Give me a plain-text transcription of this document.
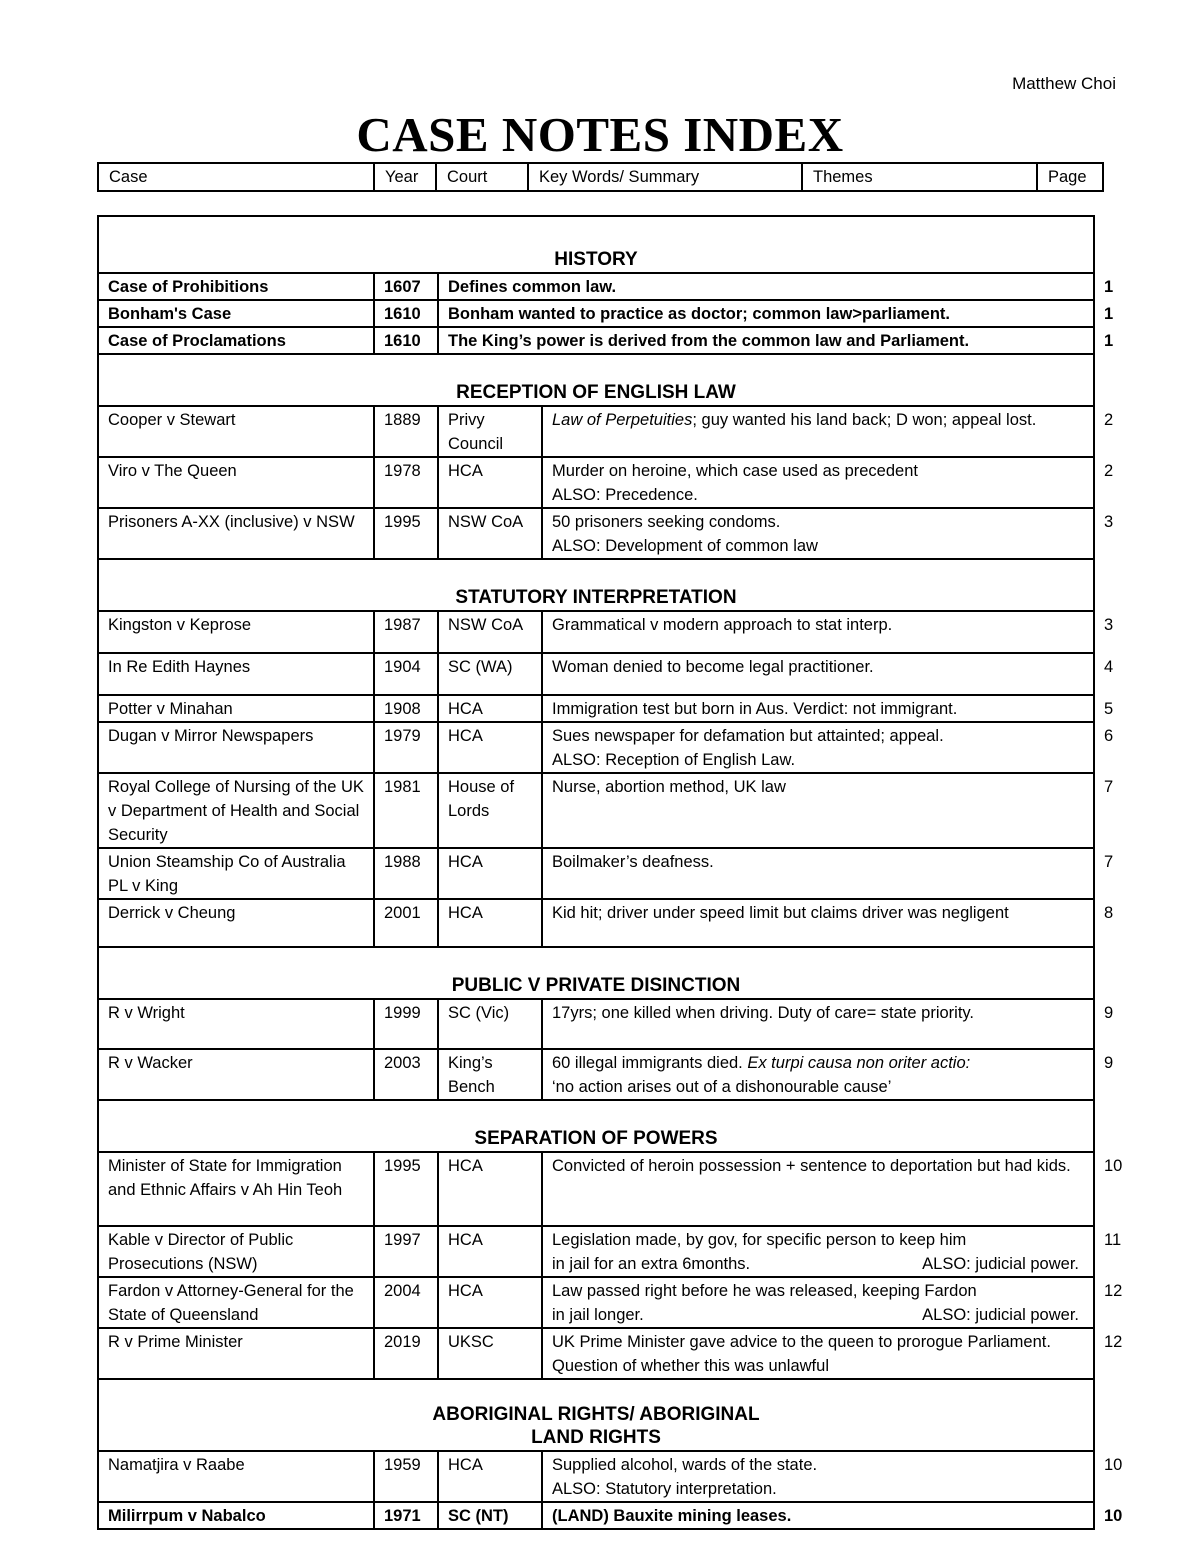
Matthew Choi
CASE NOTES INDEX
Case	Year	Court	Key Words/ Summary	Themes	Page
HISTORY				

Case of Prohibitions	1607	Defines common law.		1
Bonham's Case	1610	Bonham wanted to practice as doctor; common law>parliament.		1
Case of Proclamations	1610	The King’s power is derived from the common law and Parliament.		1

RECEPTION OF ENGLISH LAW				

Cooper v Stewart	1889	Privy Council	Law of Perpetuities; guy wanted his land back; D won; appeal lost.	2
Viro v The Queen	1978	HCA	Murder on heroine, which case used as precedent
ALSO: Precedence.	2
Prisoners A-XX (inclusive) v NSW	1995	NSW CoA	50 prisoners seeking condoms.
ALSO: Development of common law	3

STATUTORY INTERPRETATION				

Kingston v Keprose	1987	NSW CoA	Grammatical v modern approach to stat interp.	3
In Re Edith Haynes	1904	SC (WA)	Woman denied to become legal practitioner.	4
Potter v Minahan	1908	HCA	Immigration test but born in Aus. Verdict: not immigrant.	5
Dugan v Mirror Newspapers	1979	HCA	Sues newspaper for defamation but attainted; appeal.
ALSO: Reception of English Law.	6
Royal College of Nursing of the UK v Department of Health and Social Security	1981	House of Lords	Nurse, abortion method, UK law	7
Union Steamship Co of Australia PL v King	1988	HCA	Boilmaker’s deafness.	7
Derrick v Cheung	2001	HCA	Kid hit; driver under speed limit but claims driver was negligent	8

PUBLIC V PRIVATE DISINCTION				

R v Wright	1999	SC (Vic)	17yrs; one killed when driving. Duty of care= state priority.	9
R v Wacker	2003	King’s Bench	60 illegal immigrants died. Ex turpi causa non oriter actio:
‘no action arises out of a dishonourable cause’	9

SEPARATION OF POWERS				

Minister of State for Immigration and Ethnic Affairs v Ah Hin Teoh	1995	HCA	Convicted of heroin possession + sentence to deportation but had kids.	10
Kable v Director of Public Prosecutions (NSW)	1997	HCA	Legislation made, by gov, for specific person to keep him
in jail for an extra 6months. ALSO: judicial power.	11
Fardon v Attorney-General for the State of Queensland	2004	HCA	Law passed right before he was released, keeping Fardon
in jail longer. ALSO: judicial power.	12
R v Prime Minister	2019	UKSC	UK Prime Minister gave advice to the queen to prorogue Parliament. Question of whether this was unlawful	12

ABORIGINAL RIGHTS/ ABORIGINAL
LAND RIGHTS				

Namatjira v Raabe	1959	HCA	Supplied alcohol, wards of the state.
ALSO: Statutory interpretation.	10
Milirrpum v Nabalco	1971	SC (NT)	(LAND) Bauxite mining leases.	10
